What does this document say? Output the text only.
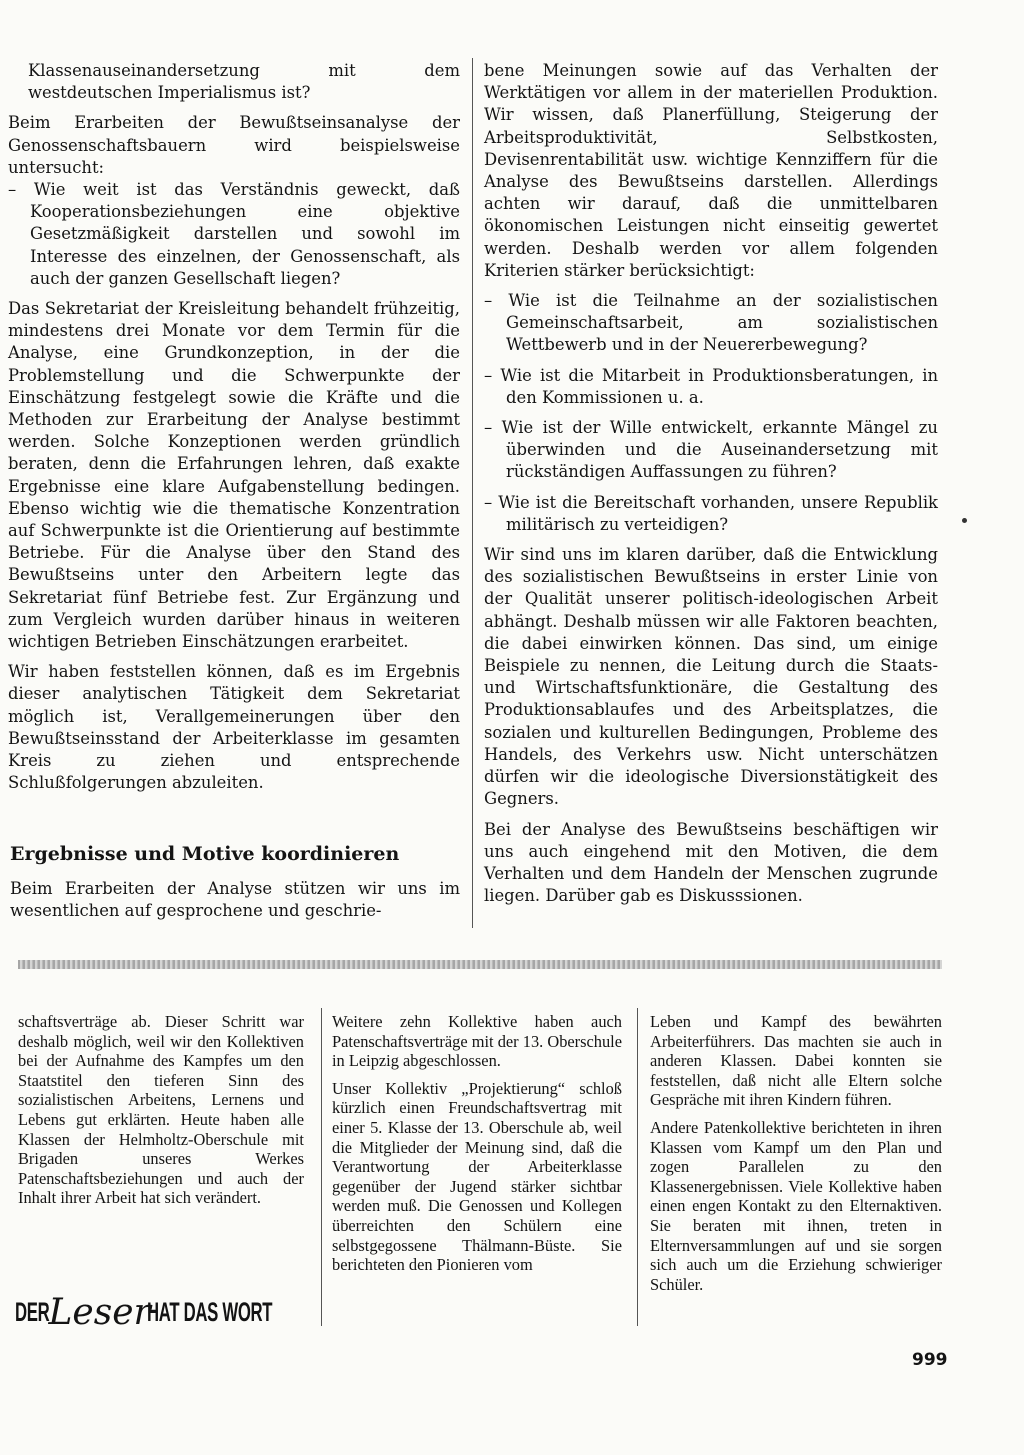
Klassenauseinandersetzung mit dem westdeutschen Imperialismus ist?

Beim Erarbeiten der Bewußtseinsanalyse der Genossenschaftsbauern wird beispielsweise untersucht:

– Wie weit ist das Verständnis geweckt, daß Kooperationsbeziehungen eine objektive Gesetzmäßigkeit darstellen und sowohl im Interesse des einzelnen, der Genossenschaft, als auch der ganzen Gesellschaft liegen?

Das Sekretariat der Kreisleitung behandelt frühzeitig, mindestens drei Monate vor dem Termin für die Analyse, eine Grundkonzeption, in der die Problemstellung und die Schwerpunkte der Einschätzung festgelegt sowie die Kräfte und die Methoden zur Erarbeitung der Analyse bestimmt werden. Solche Konzeptionen werden gründlich beraten, denn die Erfahrungen lehren, daß exakte Ergebnisse eine klare Aufgabenstellung bedingen. Ebenso wichtig wie die thematische Konzentration auf Schwerpunkte ist die Orientierung auf bestimmte Betriebe. Für die Analyse über den Stand des Bewußtseins unter den Arbeitern legte das Sekretariat fünf Betriebe fest. Zur Ergänzung und zum Vergleich wurden darüber hinaus in weiteren wichtigen Betrieben Einschätzungen erarbeitet.

Wir haben feststellen können, daß es im Ergebnis dieser analytischen Tätigkeit dem Sekretariat möglich ist, Verallgemeinerungen über den Bewußtseinsstand der Arbeiterklasse im gesamten Kreis zu ziehen und entsprechende Schlußfolgerungen abzuleiten.

Ergebnisse und Motive koordinieren

Beim Erarbeiten der Analyse stützen wir uns im wesentlichen auf gesprochene und geschrie-

bene Meinungen sowie auf das Verhalten der Werktätigen vor allem in der materiellen Produktion. Wir wissen, daß Planerfüllung, Steigerung der Arbeitsproduktivität, Selbstkosten, Devisenrentabilität usw. wichtige Kennziffern für die Analyse des Bewußtseins darstellen. Allerdings achten wir darauf, daß die unmittelbaren ökonomischen Leistungen nicht einseitig gewertet werden. Deshalb werden vor allem folgenden Kriterien stärker berücksichtigt:

– Wie ist die Teilnahme an der sozialistischen Gemeinschaftsarbeit, am sozialistischen Wettbewerb und in der Neuererbewegung?

– Wie ist die Mitarbeit in Produktionsberatungen, in den Kommissionen u. a.

– Wie ist der Wille entwickelt, erkannte Mängel zu überwinden und die Auseinandersetzung mit rückständigen Auffassungen zu führen?

– Wie ist die Bereitschaft vorhanden, unsere Republik militärisch zu verteidigen?

Wir sind uns im klaren darüber, daß die Entwicklung des sozialistischen Bewußtseins in erster Linie von der Qualität unserer politisch-ideologischen Arbeit abhängt. Deshalb müssen wir alle Faktoren beachten, die dabei einwirken können. Das sind, um einige Beispiele zu nennen, die Leitung durch die Staats- und Wirtschaftsfunktionäre, die Gestaltung des Produktionsablaufes und des Arbeitsplatzes, die sozialen und kulturellen Bedingungen, Probleme des Handels, des Verkehrs usw. Nicht unterschätzen dürfen wir die ideologische Diversionstätigkeit des Gegners.

Bei der Analyse des Bewußtseins beschäftigen wir uns auch eingehend mit den Motiven, die dem Verhalten und dem Handeln der Menschen zugrunde liegen. Darüber gab es Diskusssionen.

schaftsverträge ab. Dieser Schritt war deshalb möglich, weil wir den Kollektiven bei der Aufnahme des Kampfes um den Staatstitel den tieferen Sinn des sozialistischen Arbeitens, Lernens und Lebens gut erklärten. Heute haben alle Klassen der Helmholtz-Oberschule mit Brigaden unseres Werkes Patenschaftsbeziehungen und auch der Inhalt ihrer Arbeit hat sich verändert.

DER Leser
HAT DAS WORT

Weitere zehn Kollektive haben auch Patenschaftsverträge mit der 13. Oberschule in Leipzig abgeschlossen.

Unser Kollektiv „Projektierung“ schloß kürzlich einen Freundschaftsvertrag mit einer 5. Klasse der 13. Oberschule ab, weil die Mitglieder der Meinung sind, daß die Verantwortung der Arbeiterklasse gegenüber der Jugend stärker sichtbar werden muß. Die Genossen und Kollegen überreichten den Schülern eine selbstgegossene Thälmann-Büste. Sie berichteten den Pionieren vom

Leben und Kampf des bewährten Arbeiterführers. Das machten sie auch in anderen Klassen. Dabei konnten sie feststellen, daß nicht alle Eltern solche Gespräche mit ihren Kindern führen.

Andere Patenkollektive berichteten in ihren Klassen vom Kampf um den Plan und zogen Parallelen zu den Klassenergebnissen. Viele Kollektive haben einen engen Kontakt zu den Elternaktiven. Sie beraten mit ihnen, treten in Elternversammlungen auf und sie sorgen sich auch um die Erziehung schwieriger Schüler.

999
